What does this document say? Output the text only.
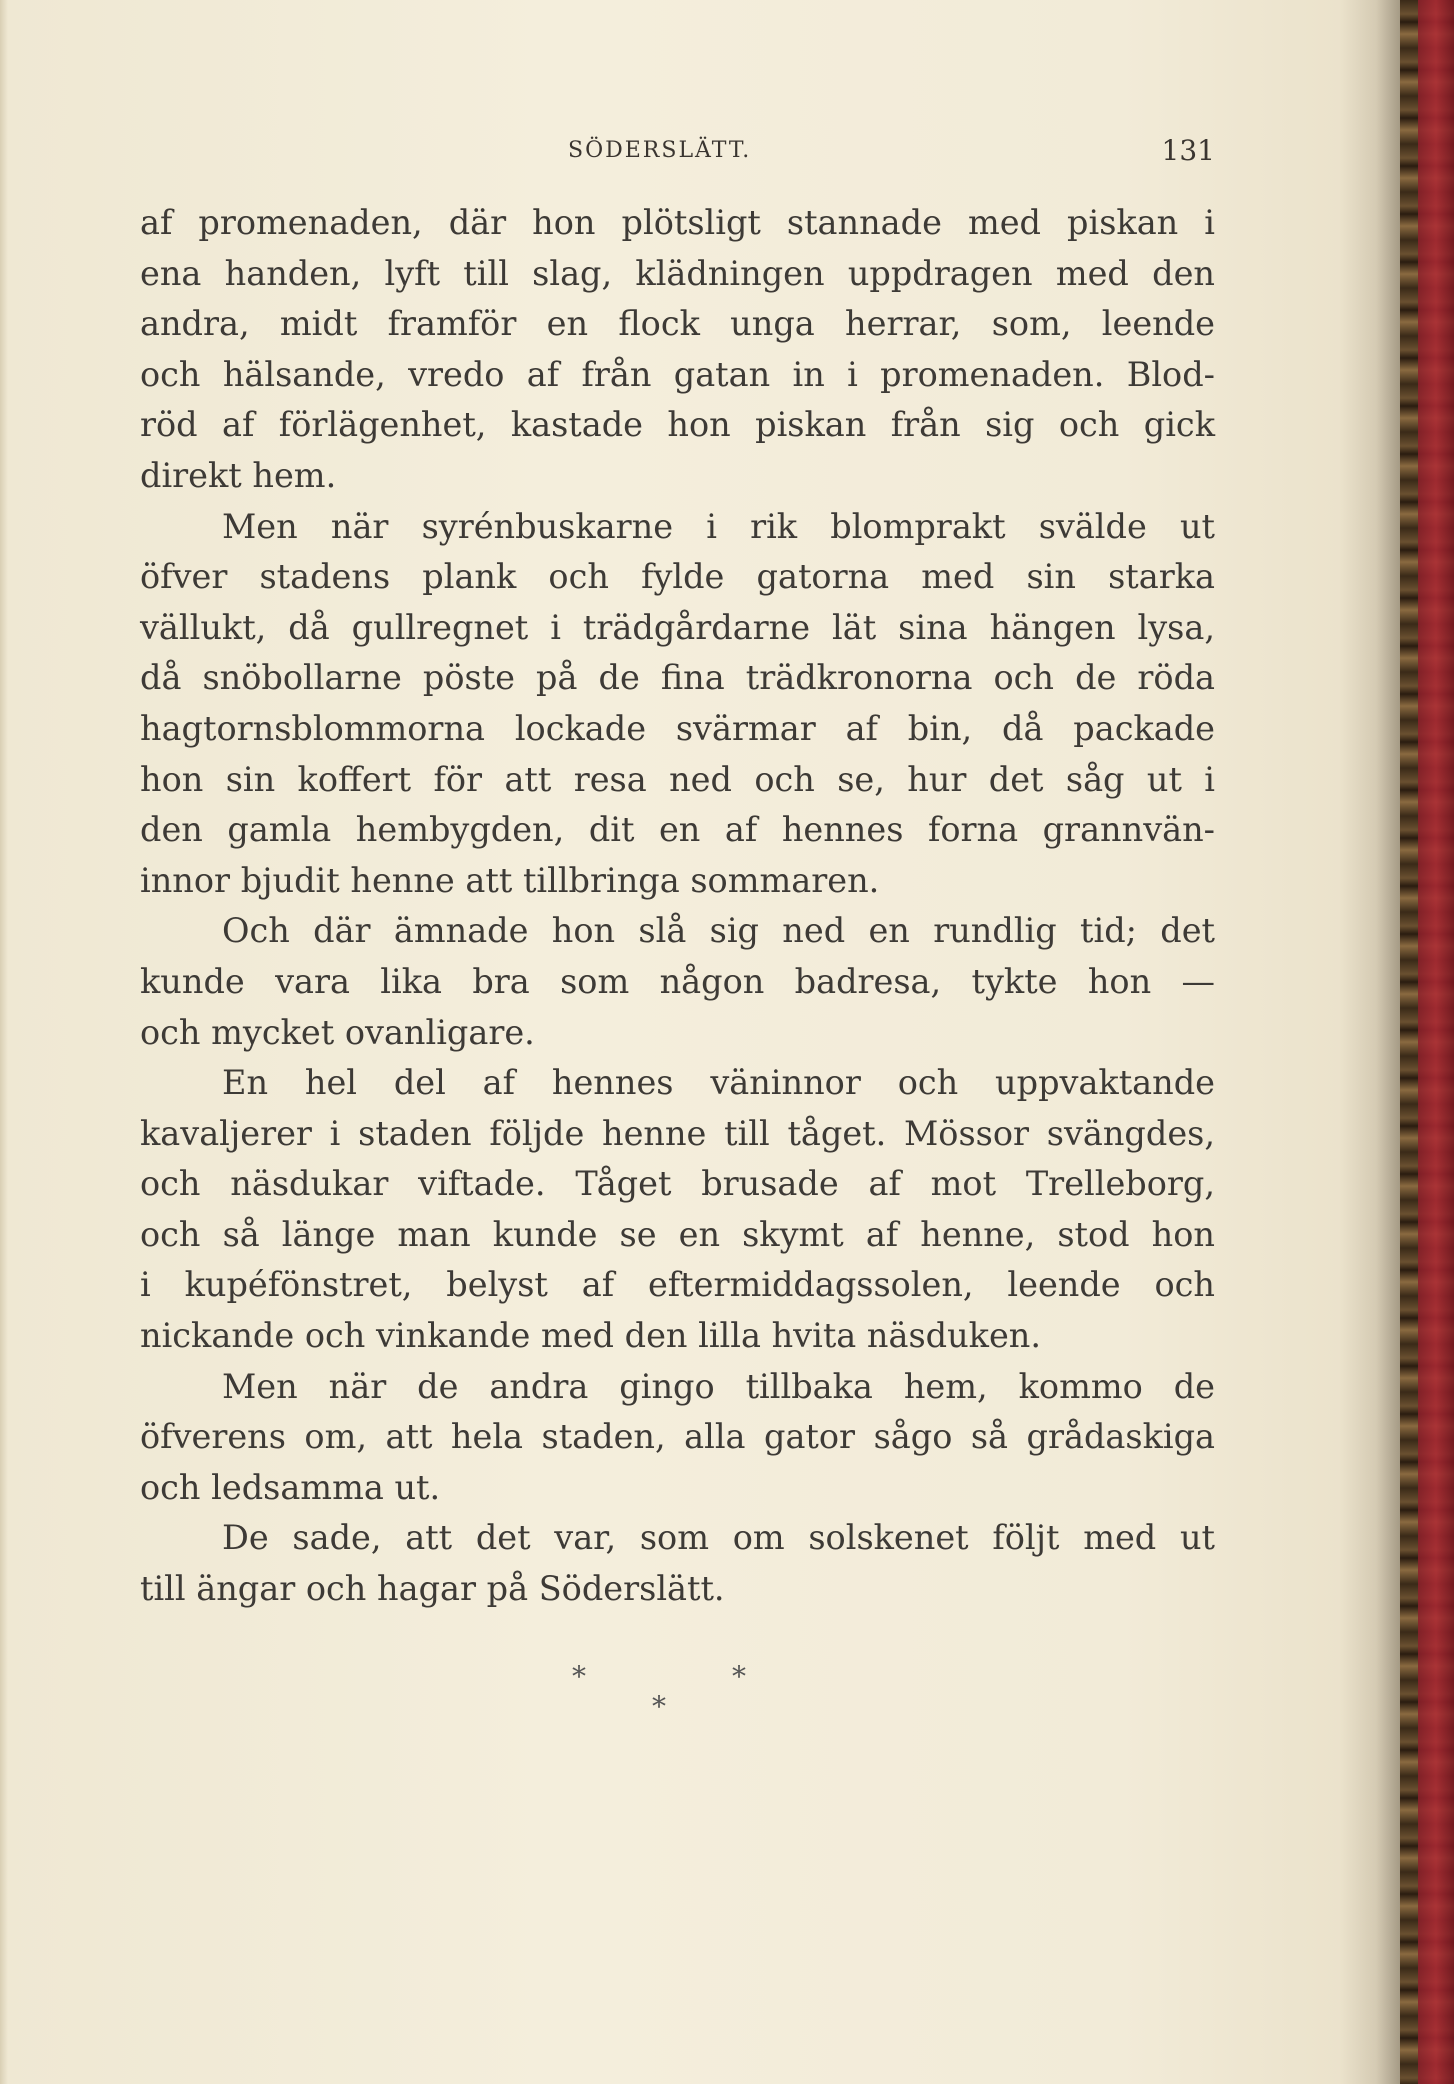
SÖDERSLÄTT.	131
af promenaden, där hon plötsligt stannade med piskan i
ena handen, lyft till slag, klädningen uppdragen med den
andra, midt framför en flock unga herrar, som, leende
och hälsande, vredo af från gatan in i promenaden. Blod-
röd af förlägenhet, kastade hon piskan från sig och gick
direkt hem.
Men när syrénbuskarne i rik blomprakt svälde ut
öfver stadens plank och fylde gatorna med sin starka
vällukt, då gullregnet i trädgårdarne lät sina hängen lysa,
då snöbollarne pöste på de fina trädkronorna och de röda
hagtornsblommorna lockade svärmar af bin, då packade
hon sin koffert för att resa ned och se, hur det såg ut i
den gamla hembygden, dit en af hennes forna grannvän-
innor bjudit henne att tillbringa sommaren.
Och där ämnade hon slå sig ned en rundlig tid; det
kunde vara lika bra som någon badresa, tykte hon —
och mycket ovanligare.
En hel del af hennes väninnor och uppvaktande
kavaljerer i staden följde henne till tåget. Mössor svängdes,
och näsdukar viftade. Tåget brusade af mot Trelleborg,
och så länge man kunde se en skymt af henne, stod hon
i kupéfönstret, belyst af eftermiddagssolen, leende och
nickande och vinkande med den lilla hvita näsduken.
Men när de andra gingo tillbaka hem, kommo de
öfverens om, att hela staden, alla gator sågo så grådaskiga
och ledsamma ut.
De sade, att det var, som om solskenet följt med ut
till ängar och hagar på Söderslätt.
*	*
*
